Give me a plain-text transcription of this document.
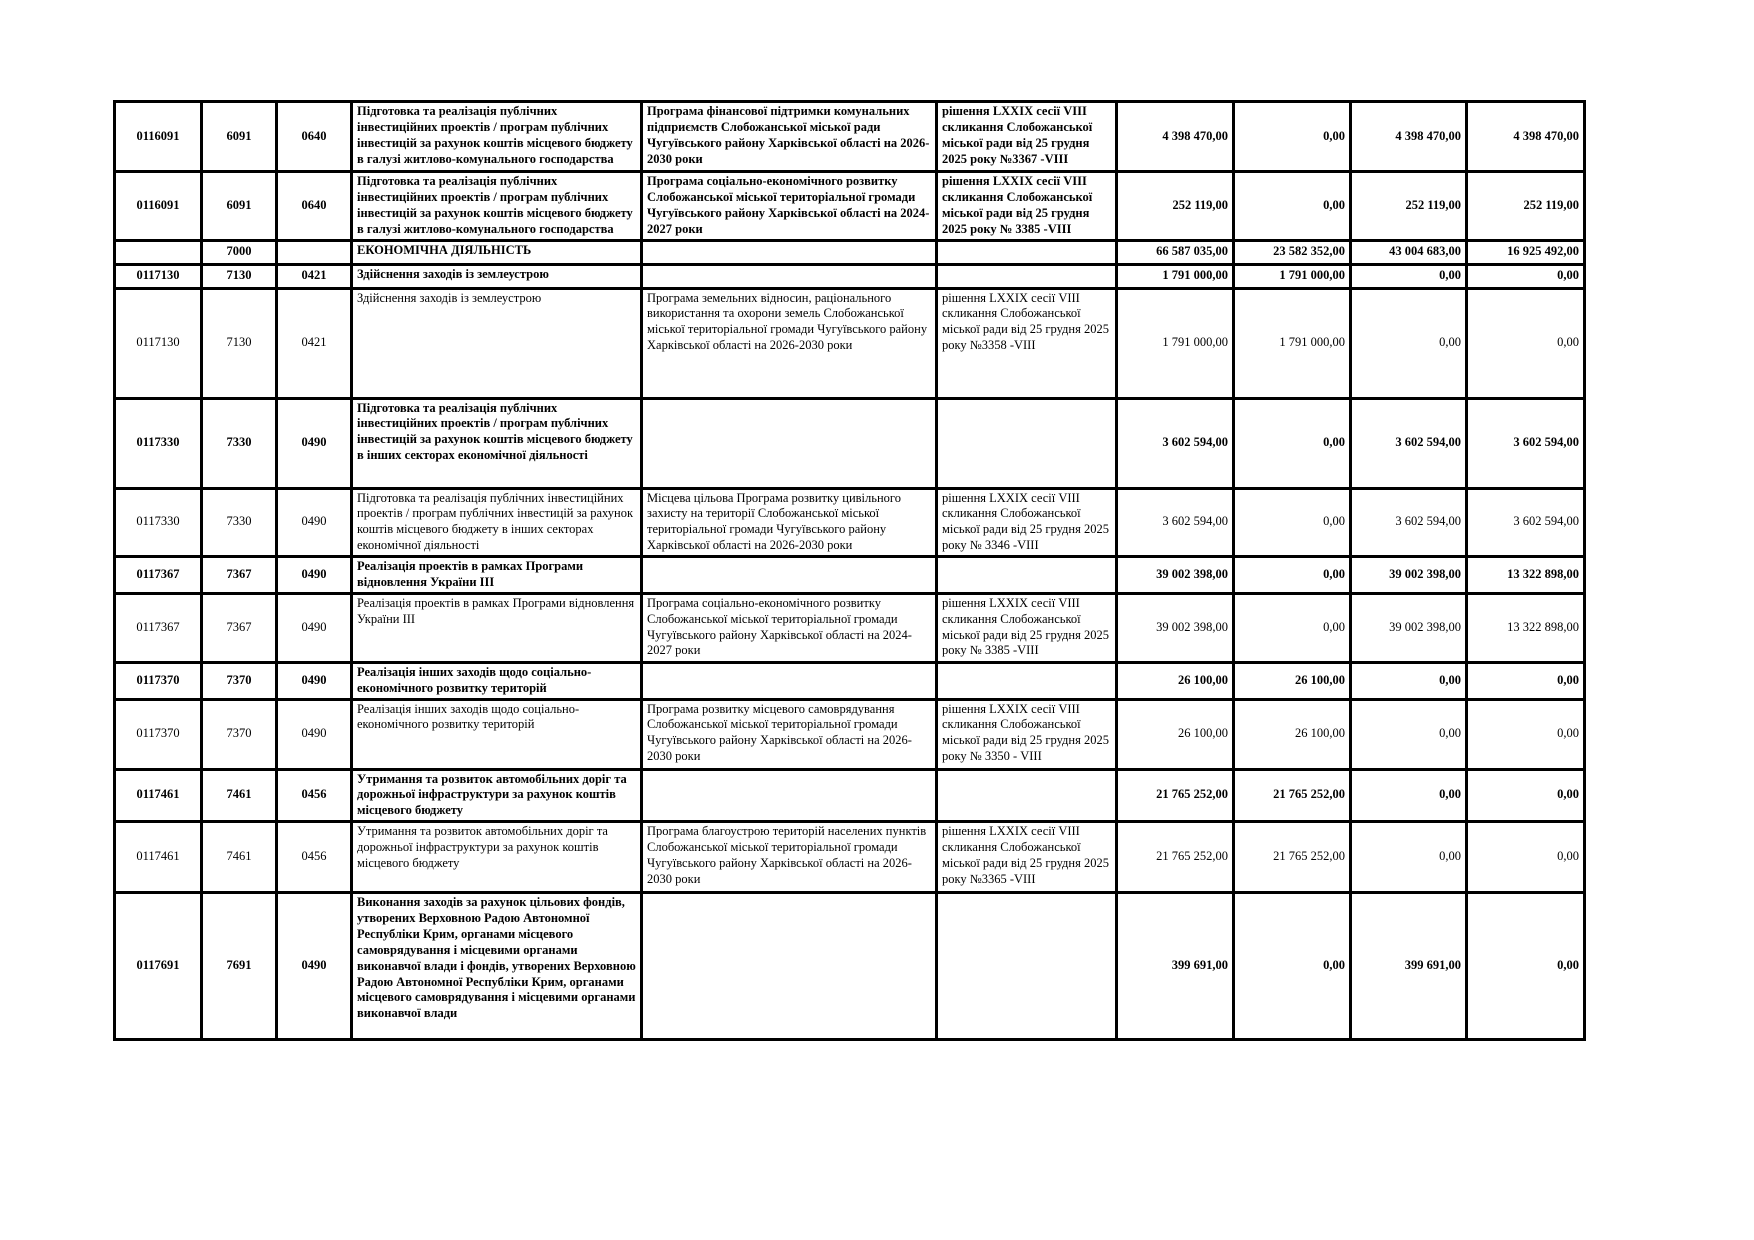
0116091	6091	0640	Підготовка та реалізація публічних інвестиційних проектів / програм публічних інвестицій за рахунок коштів місцевого бюджету в галузі житлово-комунального господарства	Програма фінансової підтримки комунальних підприємств Слобожанської міської ради Чугуївського району Харківської області на 2026-2030 роки	рішення LXXIX сесії VIII скликання Слобожанської міської ради від 25 грудня 2025 року №3367 -VIII	4 398 470,00	0,00	4 398 470,00	4 398 470,00
0116091	6091	0640	Підготовка та реалізація публічних інвестиційних проектів / програм публічних інвестицій за рахунок коштів місцевого бюджету в галузі житлово-комунального господарства	Програма соціально-економічного розвитку Слобожанської міської територіальної громади Чугуївського району Харківської області на 2024-2027 роки	рішення LXXIX сесії VIII скликання Слобожанської міської ради від 25 грудня 2025 року № 3385 -VIII	252 119,00	0,00	252 119,00	252 119,00
	7000		ЕКОНОМІЧНА ДІЯЛЬНІСТЬ			66 587 035,00	23 582 352,00	43 004 683,00	16 925 492,00
0117130	7130	0421	Здійснення заходів із землеустрою			1 791 000,00	1 791 000,00	0,00	0,00
0117130	7130	0421	Здійснення заходів із землеустрою	Програма земельних відносин, раціонального використання та охорони земель Слобожанської міської територіальної громади Чугуївського району Харківської області на 2026-2030 роки	рішення LXXIX сесії VIII скликання Слобожанської міської ради від 25 грудня 2025 року №3358 -VIII	1 791 000,00	1 791 000,00	0,00	0,00
0117330	7330	0490	Підготовка та реалізація публічних інвестиційних проектів / програм публічних інвестицій за рахунок коштів місцевого бюджету в інших секторах економічної діяльності			3 602 594,00	0,00	3 602 594,00	3 602 594,00
0117330	7330	0490	Підготовка та реалізація публічних інвестиційних проектів / програм публічних інвестицій за рахунок коштів місцевого бюджету в інших секторах економічної діяльності	Місцева цільова Програма розвитку цивільного захисту на території Слобожанської міської територіальної громади Чугуївського району Харківської області на 2026-2030 роки	рішення LXXIX сесії VIII скликання Слобожанської міської ради від 25 грудня 2025 року № 3346 -VIII	3 602 594,00	0,00	3 602 594,00	3 602 594,00
0117367	7367	0490	Реалізація проектів в рамках Програми відновлення України III			39 002 398,00	0,00	39 002 398,00	13 322 898,00
0117367	7367	0490	Реалізація проектів в рамках Програми відновлення України III	Програма соціально-економічного розвитку Слобожанської міської територіальної громади Чугуївського району Харківської області на 2024-2027 роки	рішення LXXIX сесії VIII скликання Слобожанської міської ради від 25 грудня 2025 року № 3385 -VIII	39 002 398,00	0,00	39 002 398,00	13 322 898,00
0117370	7370	0490	Реалізація інших заходів щодо соціально-економічного розвитку територій			26 100,00	26 100,00	0,00	0,00
0117370	7370	0490	Реалізація інших заходів щодо соціально-економічного розвитку територій	Програма розвитку місцевого самоврядування Слобожанської міської територіальної громади Чугуївського району Харківської області на 2026-2030 роки	рішення LXXIX сесії VIII скликання Слобожанської міської ради від 25 грудня 2025 року № 3350 - VIII	26 100,00	26 100,00	0,00	0,00
0117461	7461	0456	Утримання та розвиток автомобільних доріг та дорожньої інфраструктури за рахунок коштів місцевого бюджету			21 765 252,00	21 765 252,00	0,00	0,00
0117461	7461	0456	Утримання та розвиток автомобільних доріг та дорожньої інфраструктури за рахунок коштів місцевого бюджету	Програма благоустрою територій населених пунктів Слобожанської міської територіальної громади Чугуївського району Харківської області на 2026-2030 роки	рішення LXXIX сесії VIII скликання Слобожанської міської ради від 25 грудня 2025 року №3365 -VIII	21 765 252,00	21 765 252,00	0,00	0,00
0117691	7691	0490	Виконання заходів за рахунок цільових фондів, утворених Верховною Радою Автономної Республіки Крим, органами місцевого самоврядування і місцевими органами виконавчої влади і фондів, утворених Верховною Радою Автономної Республіки Крим, органами місцевого самоврядування і місцевими органами виконавчої влади			399 691,00	0,00	399 691,00	0,00
